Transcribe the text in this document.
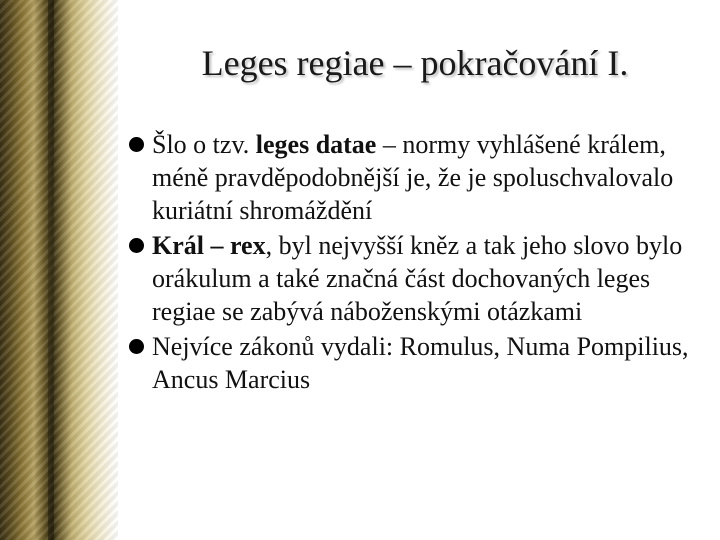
Leges regiae – pokračování I.
Šlo o tzv. leges datae – normy vyhlášené králem, méně pravděpodobnější je, že je spoluschvalovalo kuriátní shromáždění
Král – rex, byl nejvyšší kněz a tak jeho slovo bylo orákulum a také značná část dochovaných leges regiae se zabývá náboženskými otázkami
Nejvíce zákonů vydali: Romulus, Numa Pompilius, Ancus Marcius
